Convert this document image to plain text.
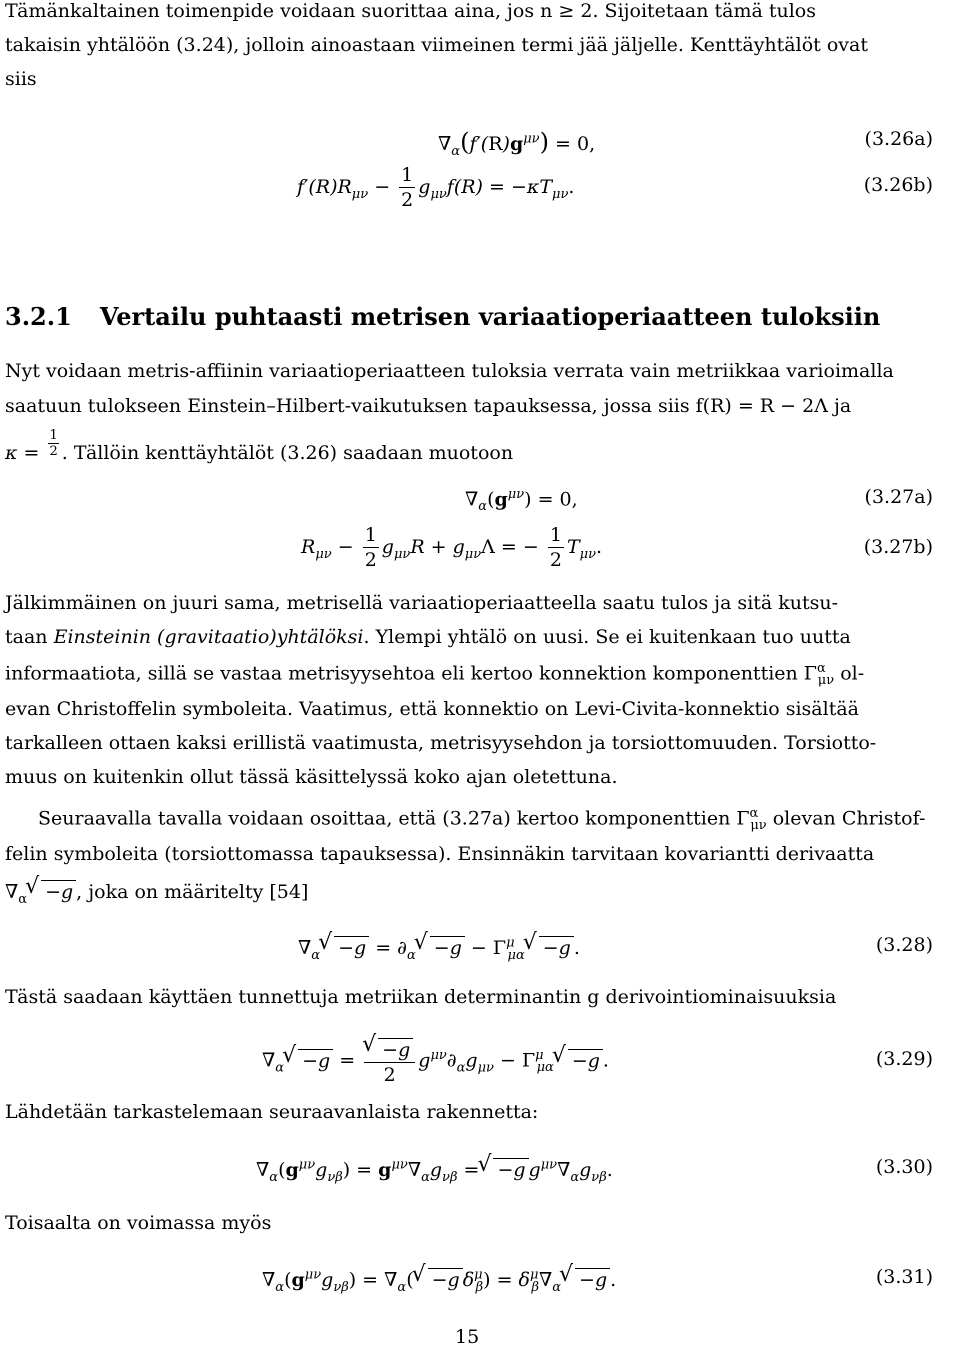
Tämänkaltainen toimenpide voidaan suorittaa aina, jos n ≥ 2. Sijoitetaan tämä tulos
takaisin yhtälöön (3.24), jolloin ainoastaan viimeinen termi jää jäljelle. Kenttäyhtälöt ovat
siis
$\nabla_\alpha(f'(R)g^{\mu\nu}) = 0$,	(3.26a)
$f'(R)R_{\mu\nu} - \frac{1}{2} g_{\mu\nu}f(R) = -\kappa T_{\mu\nu}$.	(3.26b)
3.2.1 Vertailu puhtaasti metrisen variaatioperiaatteen tuloksiin
Nyt voidaan metris-affiinin variaatioperiaatteen tuloksia verrata vain metriikkaa varioimalla
saatuun tulokseen Einstein–Hilbert-vaikutuksen tapauksessa, jossa siis f(R) = R − 2Λ ja
$\kappa = \frac{1}{2}$ . Tällöin kenttäyhtälöt (3.26) saadaan muotoon
$\nabla_\alpha(g^{\mu\nu}) = 0$,	(3.27a)
$R_{\mu\nu} - \frac{1}{2} g_{\mu\nu}R + g_{\mu\nu}\Lambda$ = − $\frac{1}{2} T_{\mu\nu}$.	(3.27b)
Jälkimmäinen on juuri sama, metrisellä variaatioperiaatteella saatu tulos ja sitä kutsu-
taan Einsteinin (gravitaatio)yhtälöksi. Ylempi yhtälö on uusi. Se ei kuitenkaan tuo uutta
informaatiota, sillä se vastaa metrisyysehtoa eli kertoo konnektion komponenttien $\Gamma^\alpha_{\mu\nu}$ ol-
evan Christoffelin symboleita. Vaatimus, että konnektio on Levi-Civita-konnektio sisältää
tarkalleen ottaen kaksi erillistä vaatimusta, metrisyysehdon ja torsiottomuuden. Torsiotto-
muus on kuitenkin ollut tässä käsittelyssä koko ajan oletettuna.
Seuraavalla tavalla voidaan osoittaa, että (3.27a) kertoo komponenttien $\Gamma^\alpha_{\mu\nu}$ olevan Christof-
felin symboleita (torsiottomassa tapauksessa). Ensinnäkin tarvitaan kovariantti derivaatta
$\nabla_\alpha√ -g$ , joka on määritelty [54]
$\nabla_\alpha√ -g = \partial_\alpha√ -g - \Gamma^\mu_{\mu\alpha}√ -g$ .	(3.28)
Tästä saadaan käyttäen tunnettuja metriikan determinantin g derivointiominaisuuksia
$\nabla_\alpha√ -g$ =
√ $\frac{-g}{2} g^{\mu\nu}\partial_\alpha g_{\mu\nu} - \Gamma^\mu_{\mu\alpha}√ -g$ .	(3.29)
Lähdetään tarkastelemaan seuraavanlaista rakennetta:
$\nabla_\alpha(g^{\mu\nu}g_{\nu\beta}) = g^{\mu\nu}\nabla_\alpha g_{\nu\beta}$ =√ −g $g^{\mu\nu}\nabla_\alpha g_{\nu\beta}$.	(3.30)
Toisaalta on voimassa myös
$\nabla_\alpha(g^{\mu\nu}g_{\nu\beta}) = \nabla_\alpha(√ -g$ $\delta^\mu_\beta) = \delta^\mu_\beta\nabla_\alpha√ -g$ .	(3.31)
15
